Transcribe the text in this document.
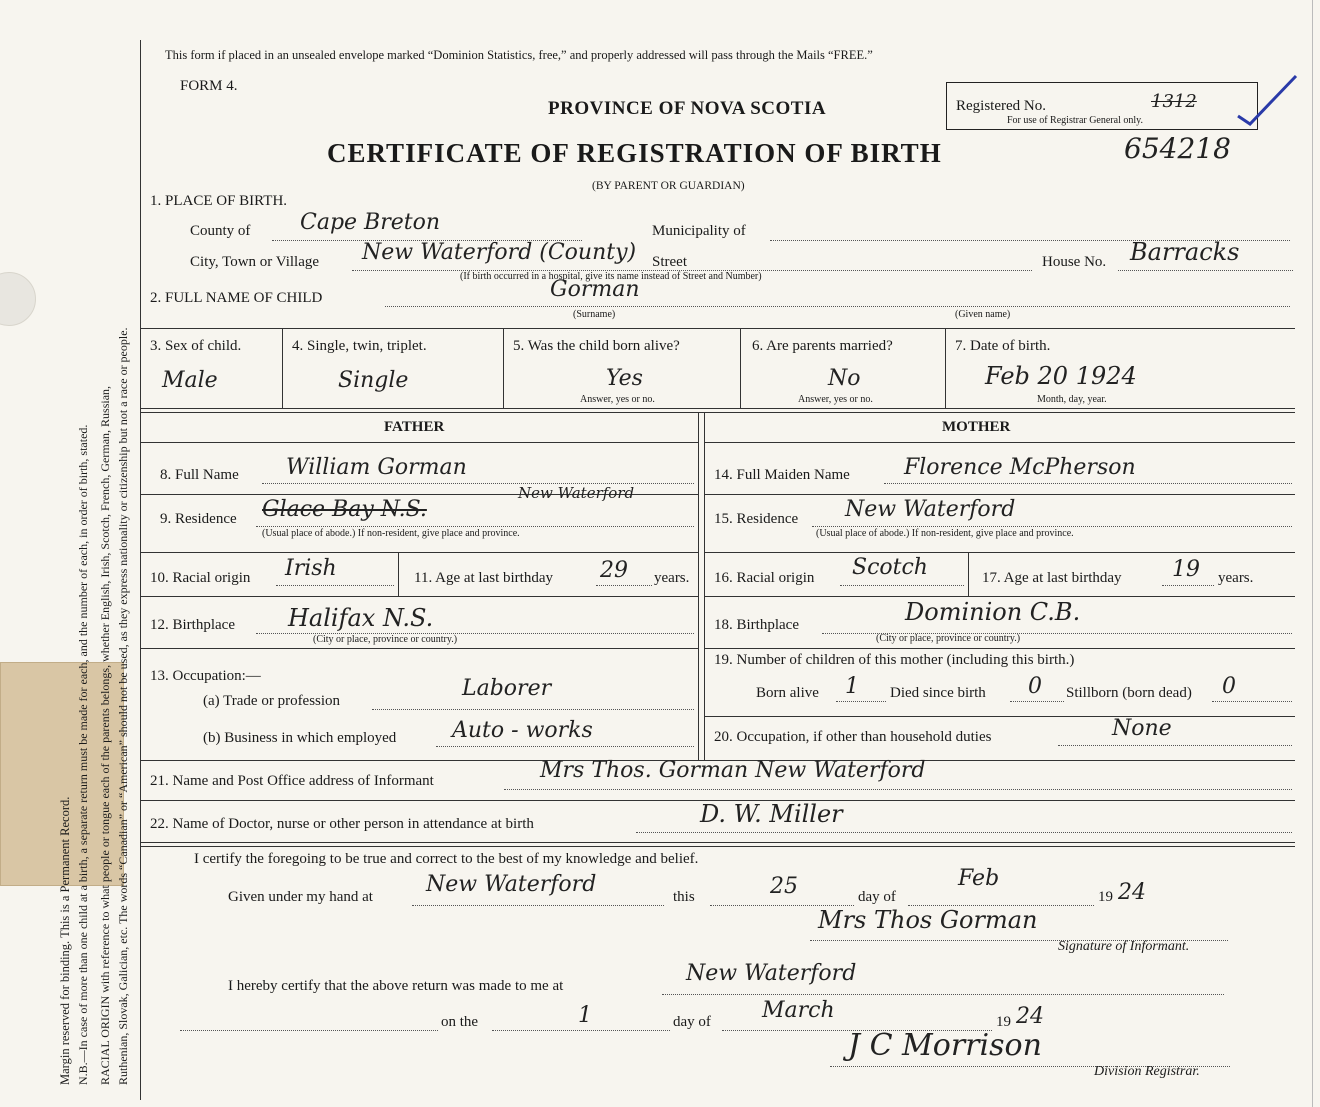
Margin reserved for binding. This is a Permanent Record. N.B.—In case of more than one child at a birth, a separate return must be made for each, and the number of each, in order of birth, stated. RACIAL ORIGIN with reference to what people or tongue each of the parents belongs, whether English, Irish, Scotch, French, German, Russian, Ruthenian, Slovak, Galician, etc. The words “Canadian” or “American” should not be used, as they express nationality or citizenship but not a race or people.
This form if placed in an unsealed envelope marked “Dominion Statistics, free,” and properly addressed will pass through the Mails “FREE.”
FORM 4.
PROVINCE OF NOVA SCOTIA
CERTIFICATE OF REGISTRATION OF BIRTH
(BY PARENT OR GUARDIAN)
Registered No.
For use of Registrar General only.
1312
654218
1. PLACE OF BIRTH.
County of Cape Breton	Municipality of
City, Town or Village New Waterford (County) Street
(If birth occurred in a hospital, give its name instead of Street and Number)
House No. Barracks
2. FULL NAME OF CHILD	Gorman
(Surname)	(Given name)
3. Sex of child.
Male
4. Single, twin, triplet.
Single
5. Was the child born alive?
Yes
Answer, yes or no.
6. Are parents married?
No
Answer, yes or no.
7. Date of birth.
Feb 20 1924
Month, day, year.
FATHER	MOTHER
8. Full Name William Gorman
9. Residence Glace Bay N.S.
New Waterford
(Usual place of abode.) If non-resident, give place and province.
10. Racial origin Irish	11. Age at last birthday 29 years.
12. Birthplace Halifax N.S.
(City or place, province or country.)
13. Occupation:—
(a) Trade or profession	Laborer
(b) Business in which employed	Auto - works
14. Full Maiden Name Florence McPherson
15. Residence New Waterford
(Usual place of abode.) If non-resident, give place and province.
16. Racial origin Scotch	17. Age at last birthday 19 years.
18. Birthplace	Dominion C.B.
(City or place, province or country.)
19. Number of children of this mother (including this birth.)
Born alive 1 Died since birth 0 Stillborn (born dead) 0
20. Occupation, if other than household duties	None
21. Name and Post Office address of Informant	Mrs Thos. Gorman New Waterford
22. Name of Doctor, nurse or other person in attendance at birth	D. W. Miller
I certify the foregoing to be true and correct to the best of my knowledge and belief.
Given under my hand at New Waterford	this	25	day of
Feb
19 24
Mrs Thos Gorman
Signature of Informant.
I hereby certify that the above return was made to me at	New Waterford
on the	1	day of March	19 24
J C Morrison
Division Registrar.
